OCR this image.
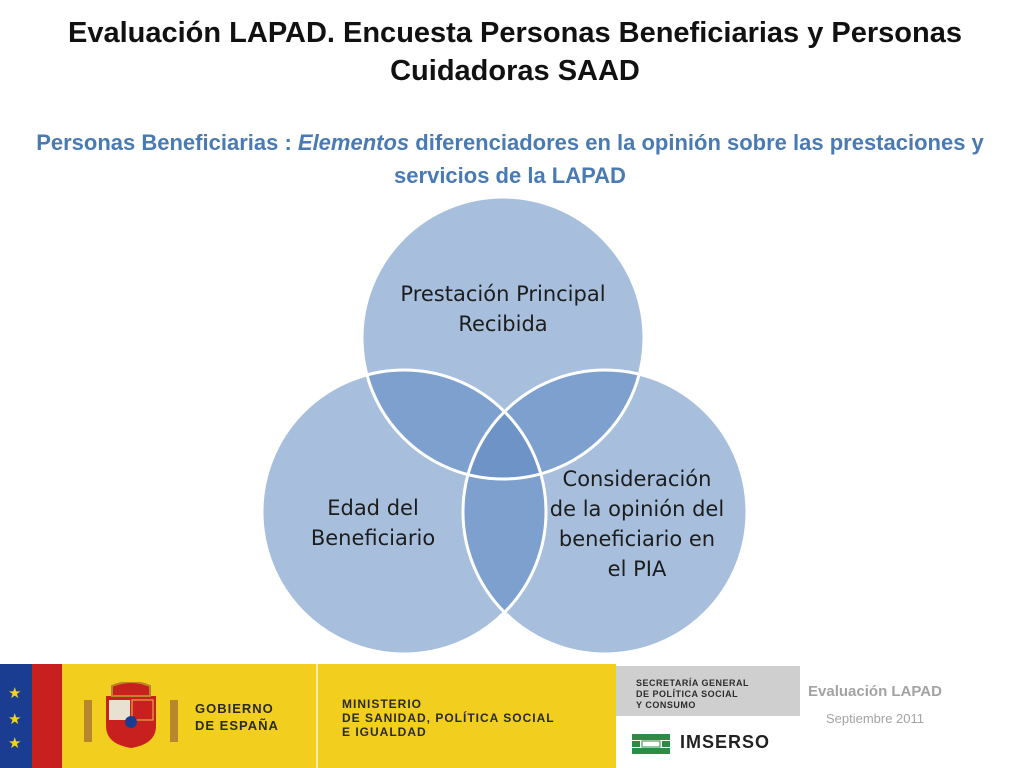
Evaluación LAPAD. Encuesta Personas Beneficiarias y Personas Cuidadoras SAAD
Personas Beneficiarias : Elementos diferenciadores en la opinión sobre las prestaciones y servicios de la LAPAD
Prestación Principal Recibida
Edad del Beneficiario
Consideración de la opinión del beneficiario en el PIA
★
★
★
GOBIERNO
DE ESPAÑA
MINISTERIO
DE SANIDAD, POLÍTICA SOCIAL
E IGUALDAD
SECRETARÍA GENERAL
DE POLÍTICA SOCIAL
Y CONSUMO
IMSERSO
Evaluación LAPAD
Septiembre 2011
